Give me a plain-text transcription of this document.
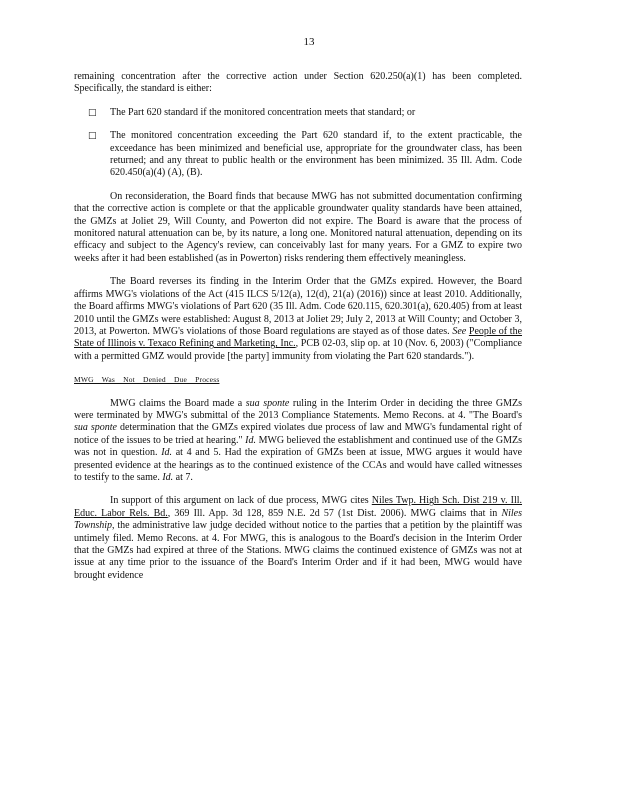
13

remaining concentration after the corrective action under Section 620.250(a)(1) has been completed. Specifically, the standard is either:

□ The Part 620 standard if the monitored concentration meets that standard; or

□ The monitored concentration exceeding the Part 620 standard if, to the extent practicable, the exceedance has been minimized and beneficial use, appropriate for the groundwater class, has been returned; and any threat to public health or the environment has been minimized. 35 Ill. Adm. Code 620.450(a)(4) (A), (B).

On reconsideration, the Board finds that because MWG has not submitted documentation confirming that the corrective action is complete or that the applicable groundwater quality standards have been attained, the GMZs at Joliet 29, Will County, and Powerton did not expire. The Board is aware that the process of monitored natural attenuation can be, by its nature, a long one. Monitored natural attenuation, depending on its efficacy and subject to the Agency's review, can conceivably last for many years. For a GMZ to expire two weeks after it had been established (as in Powerton) risks rendering them effectively meaningless.

The Board reverses its finding in the Interim Order that the GMZs expired. However, the Board affirms MWG's violations of the Act (415 ILCS 5/12(a), 12(d), 21(a) (2016)) since at least 2010. Additionally, the Board affirms MWG's violations of Part 620 (35 Ill. Adm. Code 620.115, 620.301(a), 620.405) from at least 2010 until the GMZs were established: August 8, 2013 at Joliet 29; July 2, 2013 at Will County; and October 3, 2013, at Powerton. MWG's violations of those Board regulations are stayed as of those dates. See People of the State of Illinois v. Texaco Refining and Marketing, Inc., PCB 02-03, slip op. at 10 (Nov. 6, 2003) ("Compliance with a permitted GMZ would provide [the party] immunity from violating the Part 620 standards.").

MWG Was Not Denied Due Process

MWG claims the Board made a sua sponte ruling in the Interim Order in deciding the three GMZs were terminated by MWG's submittal of the 2013 Compliance Statements. Memo Recons. at 4. "The Board's sua sponte determination that the GMZs expired violates due process of law and MWG's fundamental right of notice of the issues to be tried at hearing." Id. MWG believed the establishment and continued use of the GMZs was not in question. Id. at 4 and 5. Had the expiration of GMZs been at issue, MWG argues it would have presented evidence at the hearings as to the continued existence of the CCAs and would have called witnesses to testify to the same. Id. at 7.

In support of this argument on lack of due process, MWG cites Niles Twp. High Sch. Dist 219 v. Ill. Educ. Labor Rels. Bd., 369 Ill. App. 3d 128, 859 N.E. 2d 57 (1st Dist. 2006). MWG claims that in Niles Township, the administrative law judge decided without notice to the parties that a petition by the plaintiff was untimely filed. Memo Recons. at 4. For MWG, this is analogous to the Board's decision in the Interim Order that the GMZs had expired at three of the Stations. MWG claims the continued existence of GMZs was not at issue at any time prior to the issuance of the Board's Interim Order and if it had been, MWG would have brought evidence
